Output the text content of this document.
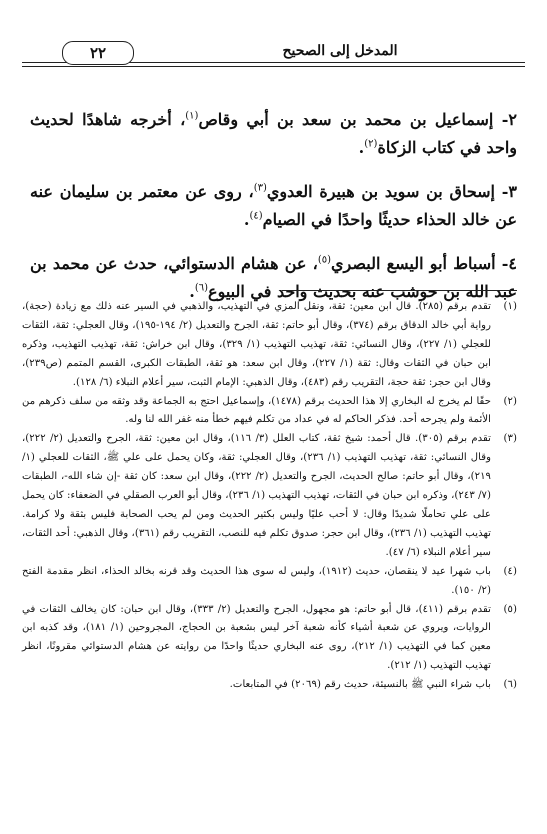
٢٢	المدخل إلى الصحيح

٢- إسماعيل بن محمد بن سعد بن أبي وقاص$^{(١)}$، أخرجه شاهدًا لحديث واحد في كتاب الزكاة$^{(٢)}$.

٣- إسحاق بن سويد بن هبيرة العدوي$^{(٣)}$، روى عن معتمر بن سليمان عنه عن خالد الحذاء حديثًا واحدًا في الصيام$^{(٤)}$.

٤- أسباط أبو اليسع البصري$^{(٥)}$، عن هشام الدستوائي، حدث عن محمد بن عبد الله بن حوشب عنه بحديث واحد في البيوع$^{(٦)}$.

(١)
تقدم برقم (٢٨٥). قال ابن معين: ثقة، ونقل المزي في التهذيب، والذهبي في السير عنه ذلك مع زيادة (حجة)، رواية أبي خالد الدقاق برقم (٣٧٤)، وقال أبو حاتم: ثقة، الجرح والتعديل (٢/ ١٩٤-١٩٥)، وقال العجلي: ثقة، الثقات للعجلي (١/ ٢٢٧)، وقال النسائي: ثقة، تهذيب التهذيب (١/ ٣٢٩)، وقال ابن خراش: ثقة، تهذيب التهذيب، وذكره ابن حبان في الثقات وقال: ثقة (١/ ٢٢٧)، وقال ابن سعد: هو ثقة، الطبقات الكبرى، القسم المتمم (ص٢٣٩)، وقال ابن حجر: ثقة حجة، التقريب رقم (٤٨٣)، وقال الذهبي: الإمام الثبت، سير أعلام النبلاء (٦/ ١٢٨).

(٢)
حقًا لم يخرج له البخاري إلا هذا الحديث برقم (١٤٧٨)، وإسماعيل احتج به الجماعة وقد وثقه من سلف ذكرهم من الأئمة ولم يجرحه أحد. فذكر الحاكم له في عداد من تكلم فيهم خطأ منه غفر الله لنا وله.

(٣)
تقدم برقم (٣٠٥). قال أحمد: شيخ ثقة، كتاب العلل (٣/ ١١٦)، وقال ابن معين: ثقة، الجرح والتعديل (٢/ ٢٢٢)، وقال النسائي: ثقة، تهذيب التهذيب (١/ ٢٣٦)، وقال العجلي: ثقة، وكان يحمل على علي ﷺ، الثقات للعجلي (١/ ٢١٩)، وقال أبو حاتم: صالح الحديث، الجرح والتعديل (٢/ ٢٢٢)، وقال ابن سعد: كان ثقة -إن شاء الله-، الطبقات (٧/ ٢٤٣)، وذكره ابن حبان في الثقات، تهذيب التهذيب (١/ ٢٣٦)، وقال أبو العرب الصقلي في الضعفاء: كان يحمل على علي تحاملًا شديدًا وقال: لا أحب عليًا وليس بكثير الحديث ومن لم يحب الصحابة فليس بثقة ولا كرامة. تهذيب التهذيب (١/ ٢٣٦)، وقال ابن حجر: صدوق تكلم فيه للنصب، التقريب رقم (٣٦١)، وقال الذهبي: أحد الثقات، سير أعلام النبلاء (٦/ ٤٧).

(٤)
باب شهرا عيد لا ينقصان، حديث (١٩١٢)، وليس له سوى هذا الحديث وقد قرنه بخالد الحذاء، انظر مقدمة الفتح (٢/ ١٥٠).

(٥)
تقدم برقم (٤١١)، قال أبو حاتم: هو مجهول، الجرح والتعديل (٢/ ٣٣٣)، وقال ابن حبان: كان يخالف الثقات في الروايات، ويروي عن شعبة أشياء كأنه شعبة آخر ليس بشعبة بن الحجاج، المجروحين (١/ ١٨١)، وقد كذبه ابن معين كما في التهذيب (١/ ٢١٢)، روى عنه البخاري حديثًا واحدًا من روايته عن هشام الدستوائي مقرونًا، انظر تهذيب التهذيب (١/ ٢١٢).

(٦)
باب شراء النبي ﷺ بالنسيئة، حديث رقم (٢٠٦٩) في المتابعات.
